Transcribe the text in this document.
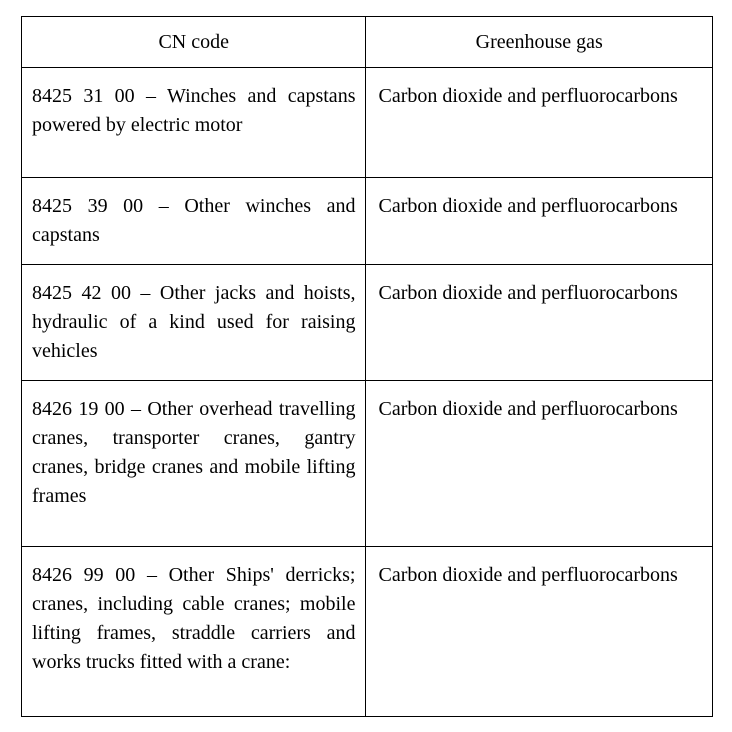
CN code	Greenhouse gas
8425 31 00 – Winches and capstans powered by electric motor	Carbon dioxide and perfluorocarbons
8425 39 00 – Other winches and capstans	Carbon dioxide and perfluorocarbons
8425 42 00 – Other jacks and hoists, hydraulic of a kind used for raising vehicles	Carbon dioxide and perfluorocarbons
8426 19 00 – Other overhead travelling cranes, transporter cranes, gantry cranes, bridge cranes and mobile lifting frames	Carbon dioxide and perfluorocarbons
8426 99 00 – Other Ships' derricks; cranes, including cable cranes; mobile lifting frames, straddle carriers and works trucks fitted with a crane:	Carbon dioxide and perfluorocarbons
